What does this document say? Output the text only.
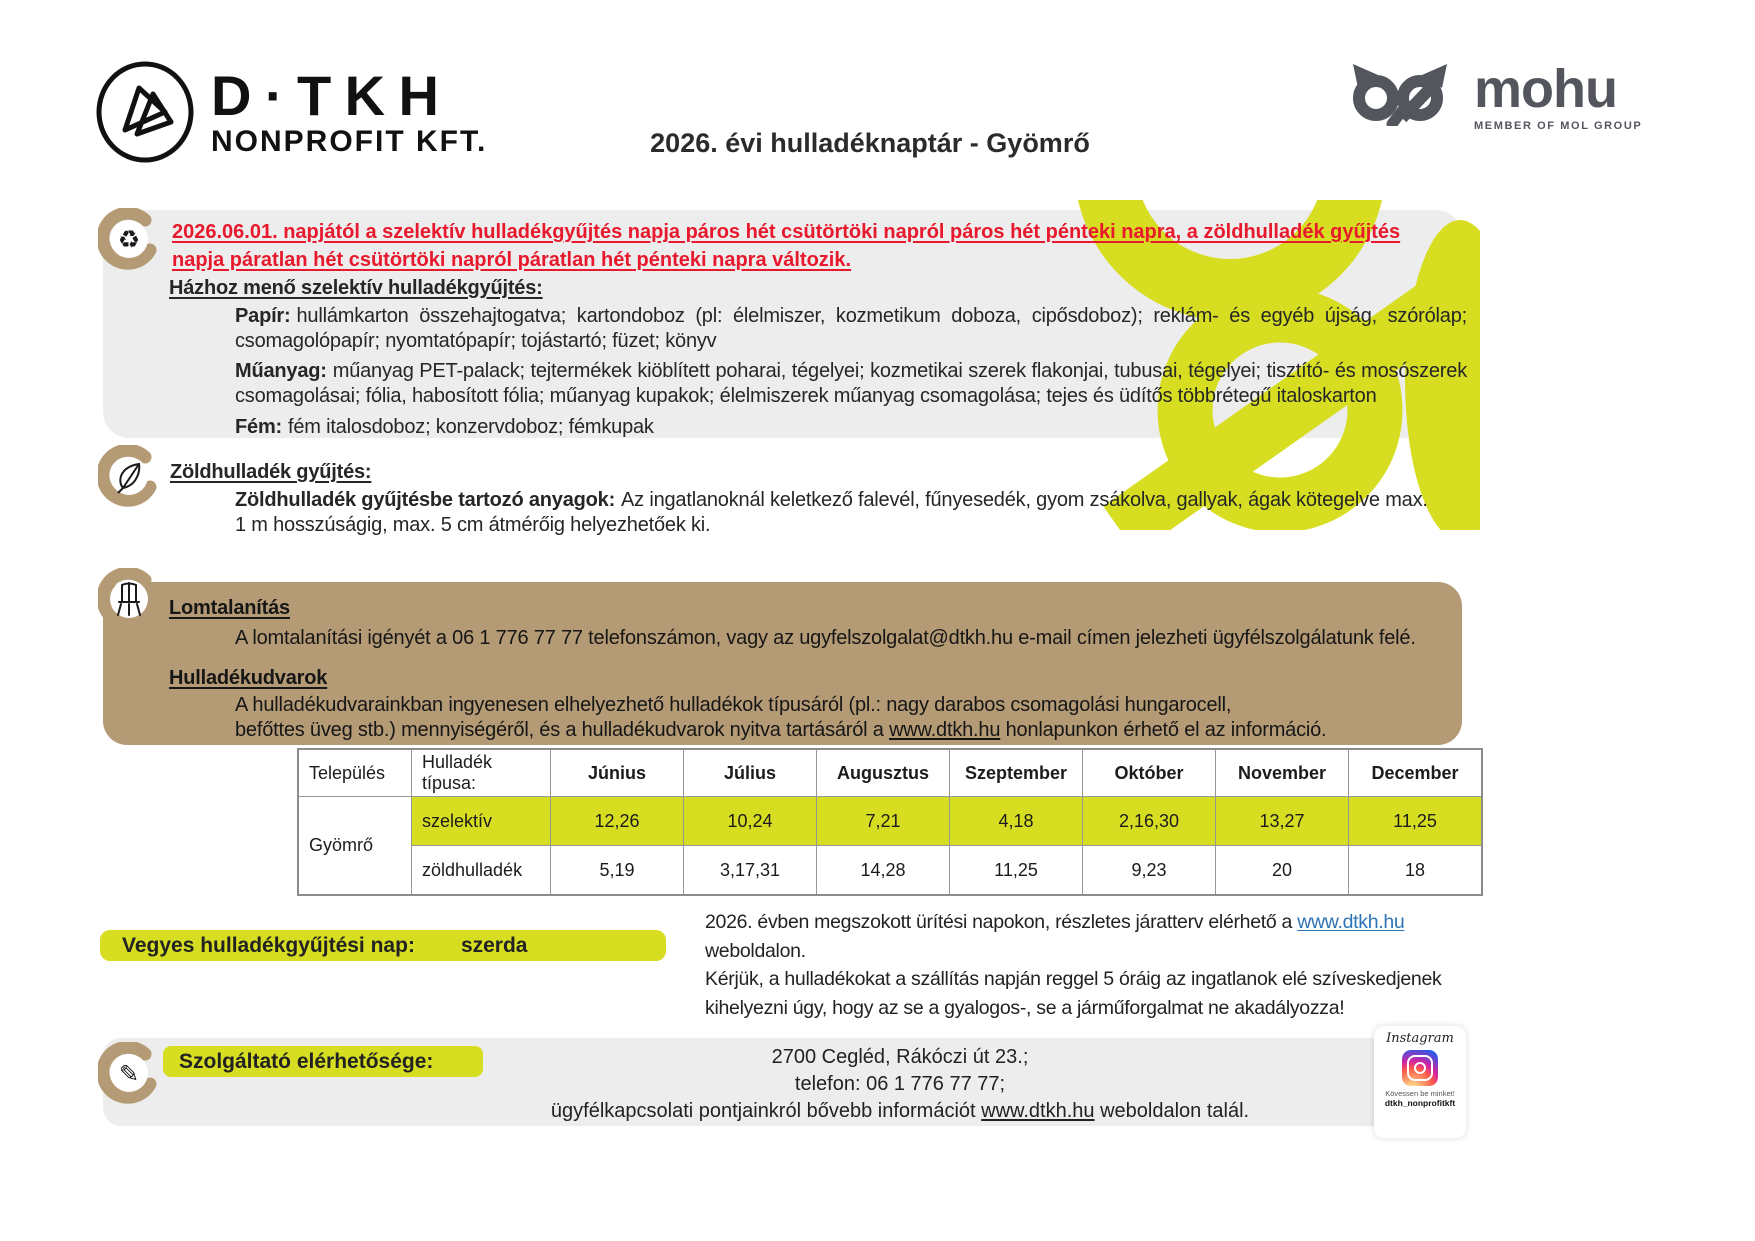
D·TKH
NONPROFIT KFT.	2026. évi hulladéknaptár - Gyömrő
mohu
MEMBER OF MOL GROUP
♻ 2026.06.01. napjától a szelektív hulladékgyűjtés napja páros hét csütörtöki napról páros hét pénteki napra, a zöldhulladék gyűjtés napja páratlan hét csütörtöki napról páratlan hét pénteki napra változik.
Házhoz menő szelektív hulladékgyűjtés:
Papír: hullámkarton összehajtogatva; kartondoboz (pl: élelmiszer, kozmetikum doboza, cipősdoboz); reklám- és egyéb újság, szórólap; csomagolópapír; nyomtatópapír; tojástartó; füzet; könyv
Műanyag: műanyag PET-palack; tejtermékek kiöblített poharai, tégelyei; kozmetikai szerek flakonjai, tubusai, tégelyei; tisztító- és mosószerek csomagolásai; fólia, habosított fólia; műanyag kupakok; élelmiszerek műanyag csomagolása; tejes és üdítős többrétegű italoskarton
Fém: fém italosdoboz; konzervdoboz; fémkupak
Zöldhulladék gyűjtés:
Zöldhulladék gyűjtésbe tartozó anyagok: Az ingatlanoknál keletkező falevél, fűnyesedék, gyom zsákolva, gallyak, ágak kötegelve max. 1 m hosszúságig, max. 5 cm átmérőig helyezhetőek ki.
Lomtalanítás
A lomtalanítási igényét a 06 1 776 77 77 telefonszámon, vagy az ugyfelszolgalat@dtkh.hu e-mail címen jelezheti ügyfélszolgálatunk felé.
Hulladékudvarok
A hulladékudvarainkban ingyenesen elhelyezhető hulladékok típusáról (pl.: nagy darabos csomagolási hungarocell,
befőttes üveg stb.) mennyiségéről, és a hulladékudvarok nyitva tartásáról a www.dtkh.hu honlapunkon érhető el az információ.
Település	Hulladék típusa:	Június	Július	Augusztus	Szeptember	Október	November	December
Gyömrő	szelektív	12,26	10,24	7,21	4,18	2,16,30	13,27	11,25
	zöldhulladék	5,19	3,17,31	14,28	11,25	9,23	20	18
Vegyes hulladékgyűjtési nap: szerda
2026. évben megszokott ürítési napokon, részletes járatterv elérhető a www.dtkh.hu
weboldalon.
Kérjük, a hulladékokat a szállítás napján reggel 5 óráig az ingatlanok elé szíveskedjenek
kihelyezni úgy, hogy az se a gyalogos-, se a járműforgalmat ne akadályozza!
✎	Szolgáltató elérhetősége:	2700 Cegléd, Rákóczi út 23.;
telefon: 06 1 776 77 77;
ügyfélkapcsolati pontjainkról bővebb információt www.dtkh.hu weboldalon talál.
Instagram
Kövessen be minket!
dtkh_nonprofitkft
